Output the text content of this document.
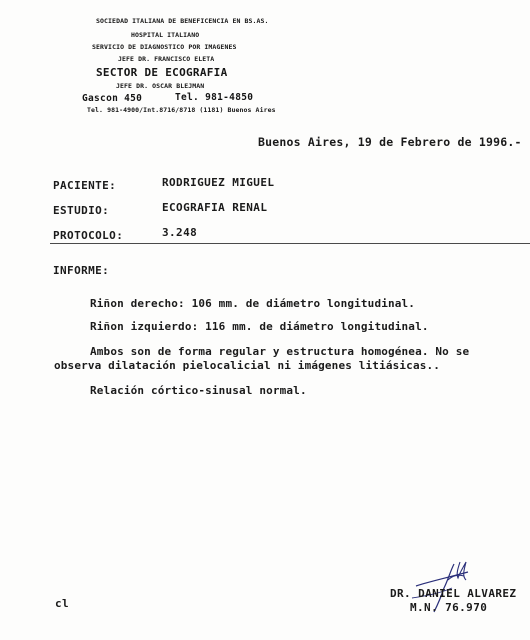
SOCIEDAD ITALIANA DE BENEFICENCIA EN BS.AS.
HOSPITAL ITALIANO
SERVICIO DE DIAGNOSTICO POR IMAGENES
JEFE DR. FRANCISCO ELETA
SECTOR DE ECOGRAFIA
JEFE DR. OSCAR BLEJMAN
Gascon 450	Tel. 981-4850
Tel. 981-4900/Int.8716/8718 (1181) Buenos Aires
Buenos Aires, 19 de Febrero de 1996.-
PACIENTE:	RODRIGUEZ MIGUEL
ESTUDIO:	ECOGRAFIA RENAL
PROTOCOLO:	3.248
INFORME:
Riñon derecho: 106 mm. de diámetro longitudinal.
Riñon izquierdo: 116 mm. de diámetro longitudinal.
Ambos son de forma regular y estructura homogénea. No se
observa dilatación pielocalicial ni imágenes litiásicas..
Relación córtico-sinusal normal.
cl
DR. DANIEL ALVAREZ
M.N. 76.970
